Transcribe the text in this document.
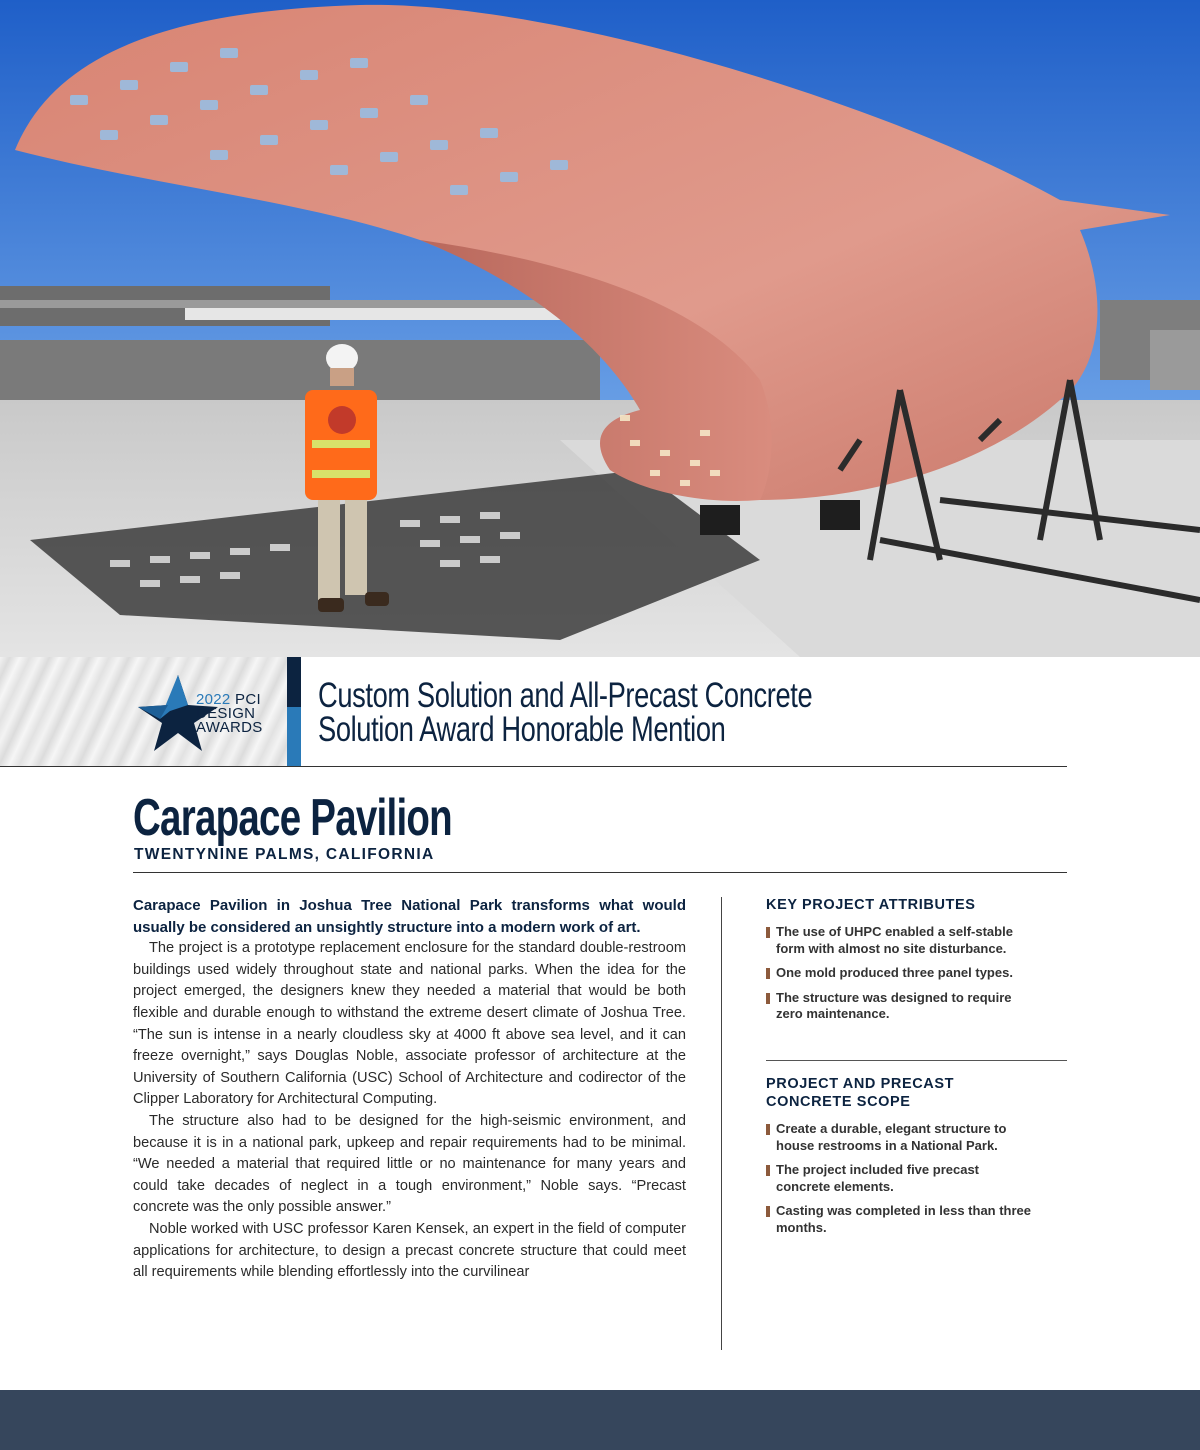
2022 PCI
DESIGN
AWARDS
Custom Solution and All-Precast Concrete
Solution Award Honorable Mention
Carapace Pavilion
TWENTYNINE PALMS, CALIFORNIA

Carapace Pavilion in Joshua Tree National Park transforms what would usually be considered an unsightly structure into a modern work of art.

The project is a prototype replacement enclosure for the standard double-restroom buildings used widely throughout state and national parks. When the idea for the project emerged, the designers knew they needed a material that would be both flexible and durable enough to withstand the extreme desert climate of Joshua Tree. “The sun is intense in a nearly cloudless sky at 4000 ft above sea level, and it can freeze overnight,” says Douglas Noble, associate professor of architecture at the University of Southern California (USC) School of Architecture and codirector of the Clipper Laboratory for Architectural Computing.

The structure also had to be designed for the high-seismic environment, and because it is in a national park, upkeep and repair requirements had to be minimal. “We needed a material that required little or no maintenance for many years and could take decades of neglect in a tough environment,” Noble says. “Precast concrete was the only possible answer.”

Noble worked with USC professor Karen Kensek, an expert in the field of computer applications for architecture, to design a precast concrete structure that could meet all requirements while blending effortlessly into the curvilinear

KEY PROJECT ATTRIBUTES
The use of UHPC enabled a self-stable form with almost no site disturbance.
One mold produced three panel types.
The structure was designed to require zero maintenance.
PROJECT AND PRECAST CONCRETE SCOPE
Create a durable, elegant structure to house restrooms in a National Park.
The project included five precast concrete elements.
Casting was completed in less than three months.
